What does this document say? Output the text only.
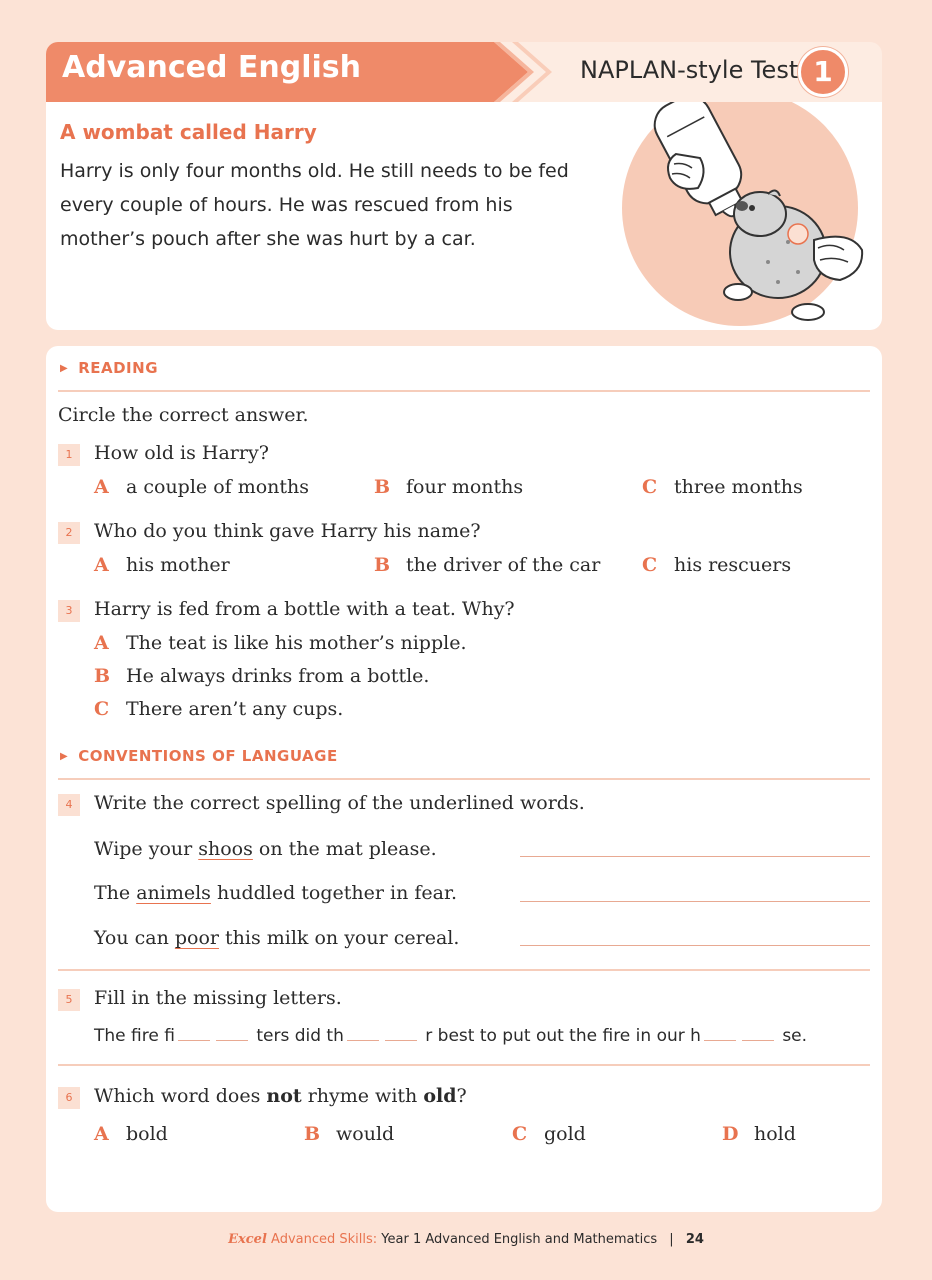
Advanced English	NAPLAN-style Test 1
A wombat called Harry
Harry is only four months old. He still needs to be fed every couple of hours. He was rescued from his mother’s pouch after she was hurt by a car.
▶ READING
Circle the correct answer.
1	How old is Harry?
A a couple of months	B four months	C three months
2	Who do you think gave Harry his name?
A his mother	B the driver of the car C his rescuers
3	Harry is fed from a bottle with a teat. Why?
A The teat is like his mother’s nipple.
B He always drinks from a bottle.
C There aren’t any cups.
▶ CONVENTIONS OF LANGUAGE
4	Write the correct spelling of the underlined words.
Wipe your shoos on the mat please.
The animels huddled together in fear.
You can poor this milk on your cereal.
5	Fill in the missing letters.
The fire fi	ters did th	r best to put out the fire in our h	se.
6	Which word does not rhyme with old?
A bold	B would	C gold	D hold
Excel Advanced Skills: Year 1 Advanced English and Mathematics | 24
